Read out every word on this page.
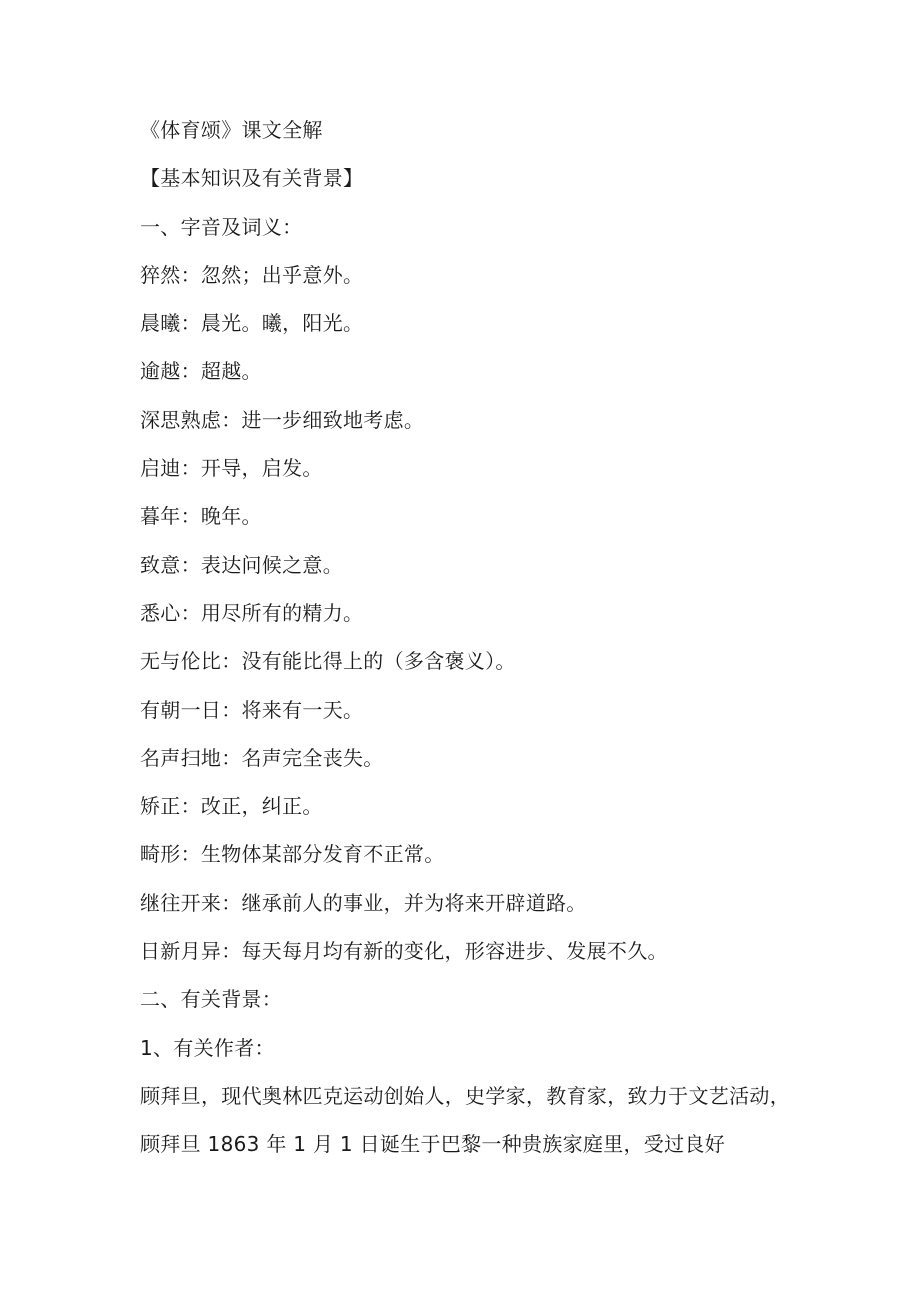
《体育颂》课文全解
【基本知识及有关背景】
一、字音及词义：
猝然：忽然；出乎意外。
晨曦：晨光。曦，阳光。
逾越：超越。
深思熟虑：进一步细致地考虑。
启迪：开导，启发。
暮年：晚年。
致意：表达问候之意。
悉心：用尽所有的精力。
无与伦比：没有能比得上的（多含褒义）。
有朝一日：将来有一天。
名声扫地：名声完全丧失。
矫正：改正，纠正。
畸形：生物体某部分发育不正常。
继往开来：继承前人的事业，并为将来开辟道路。
日新月异：每天每月均有新的变化，形容进步、发展不久。
二、有关背景：
1、有关作者：
顾拜旦，现代奥林匹克运动创始人，史学家，教育家，致力于文艺活动，顾拜旦 1863 年 1 月 1 日诞生于巴黎一种贵族家庭里，受过良好
